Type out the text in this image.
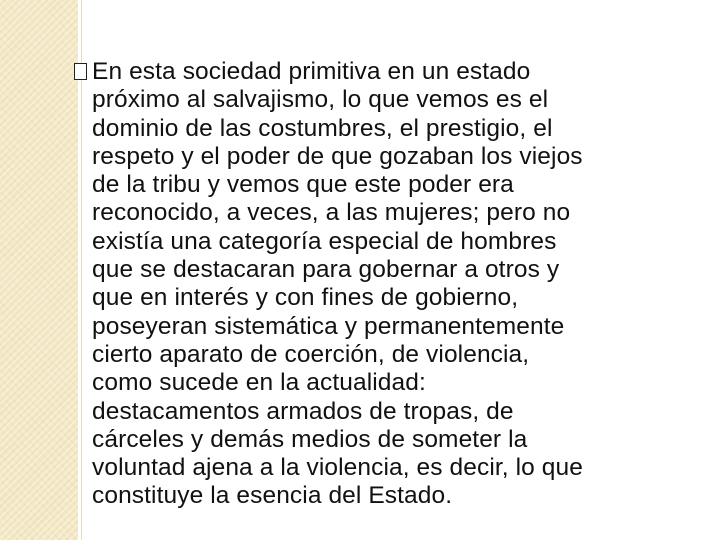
En esta sociedad primitiva en un estado
próximo al salvajismo, lo que vemos es el
dominio de las costumbres, el prestigio, el
respeto y el poder de que gozaban los viejos
de la tribu y vemos que este poder era
reconocido, a veces, a las mujeres; pero no
existía una categoría especial de hombres
que se destacaran para gobernar a otros y
que en interés y con fines de gobierno,
poseyeran sistemática y permanentemente
cierto aparato de coerción, de violencia,
como sucede en la actualidad:
destacamentos armados de tropas, de
cárceles y demás medios de someter la
voluntad ajena a la violencia, es decir, lo que
constituye la esencia del Estado.
